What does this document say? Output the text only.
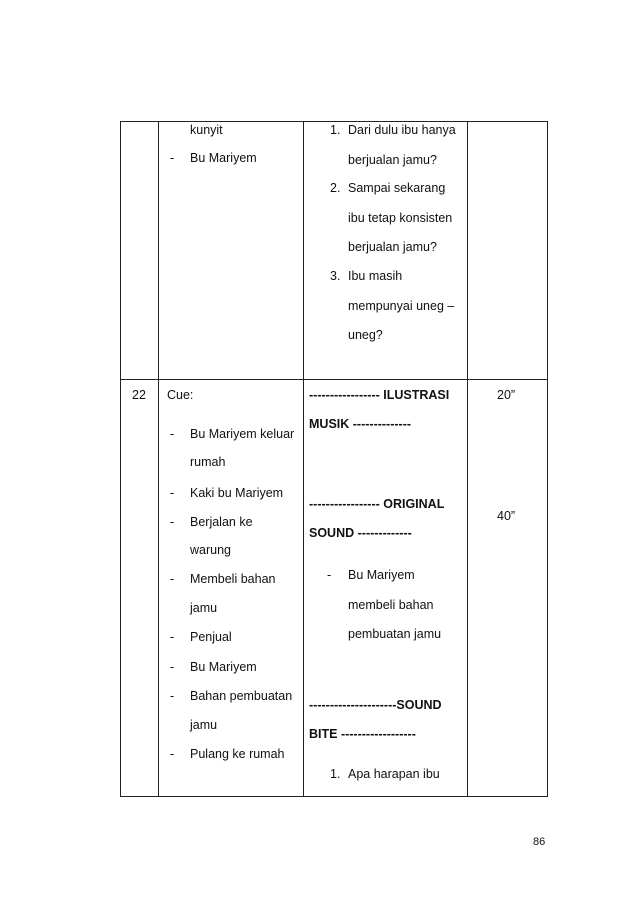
kunyit
- Bu Mariyem
1. Dari dulu ibu hanya
berjualan jamu?
2. Sampai sekarang
ibu tetap konsisten
berjualan jamu?
3. Ibu masih
mempunyai uneg –
uneg?
22 Cue:
- Bu Mariyem keluar
rumah
- Kaki bu Mariyem
- Berjalan ke
warung
- Membeli bahan
jamu
- Penjual
- Bu Mariyem
- Bahan pembuatan
jamu
- Pulang ke rumah
----------------- ILUSTRASI
MUSIK --------------
----------------- ORIGINAL
SOUND -------------
- Bu Mariyem
membeli bahan
pembuatan jamu
---------------------SOUND
BITE ------------------
1. Apa harapan ibu
20”
40”
86
